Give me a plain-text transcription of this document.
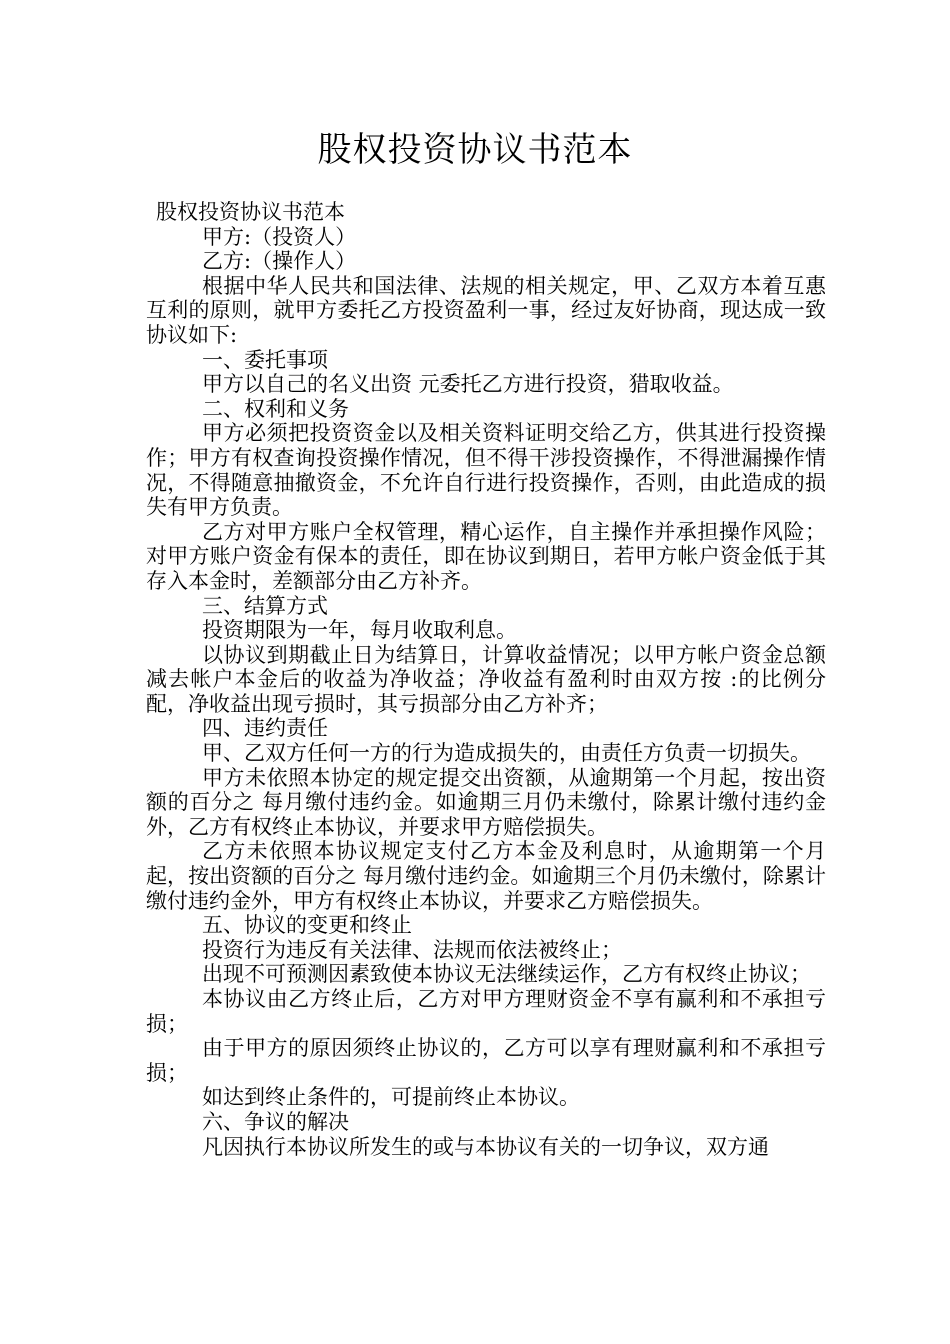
股权投资协议书范本

股权投资协议书范本

甲方:（投资人）

乙方:（操作人）

根据中华人民共和国法律、法规的相关规定，甲、乙双方本着互惠互利的原则，就甲方委托乙方投资盈利一事，经过友好协商，现达成一致协议如下:

一、委托事项

甲方以自己的名义出资 元委托乙方进行投资，猎取收益。

二、权利和义务

甲方必须把投资资金以及相关资料证明交给乙方，供其进行投资操作；甲方有权查询投资操作情况，但不得干涉投资操作，不得泄漏操作情况，不得随意抽撤资金，不允许自行进行投资操作，否则，由此造成的损失有甲方负责。

乙方对甲方账户全权管理，精心运作，自主操作并承担操作风险；对甲方账户资金有保本的责任，即在协议到期日，若甲方帐户资金低于其存入本金时，差额部分由乙方补齐。

三、结算方式

投资期限为一年，每月收取利息。

以协议到期截止日为结算日，计算收益情况；以甲方帐户资金总额减去帐户本金后的收益为净收益；净收益有盈利时由双方按 :的比例分配，净收益出现亏损时，其亏损部分由乙方补齐；

四、违约责任

甲、乙双方任何一方的行为造成损失的，由责任方负责一切损失。

甲方未依照本协定的规定提交出资额，从逾期第一个月起，按出资额的百分之 每月缴付违约金。如逾期三月仍未缴付，除累计缴付违约金外，乙方有权终止本协议，并要求甲方赔偿损失。

乙方未依照本协议规定支付乙方本金及利息时，从逾期第一个月起，按出资额的百分之 每月缴付违约金。如逾期三个月仍未缴付，除累计缴付违约金外，甲方有权终止本协议，并要求乙方赔偿损失。

五、协议的变更和终止

投资行为违反有关法律、法规而依法被终止；

出现不可预测因素致使本协议无法继续运作，乙方有权终止协议；

本协议由乙方终止后，乙方对甲方理财资金不享有赢利和不承担亏损；

由于甲方的原因须终止协议的，乙方可以享有理财赢利和不承担亏损；

如达到终止条件的，可提前终止本协议。

六、争议的解决

凡因执行本协议所发生的或与本协议有关的一切争议，双方通
